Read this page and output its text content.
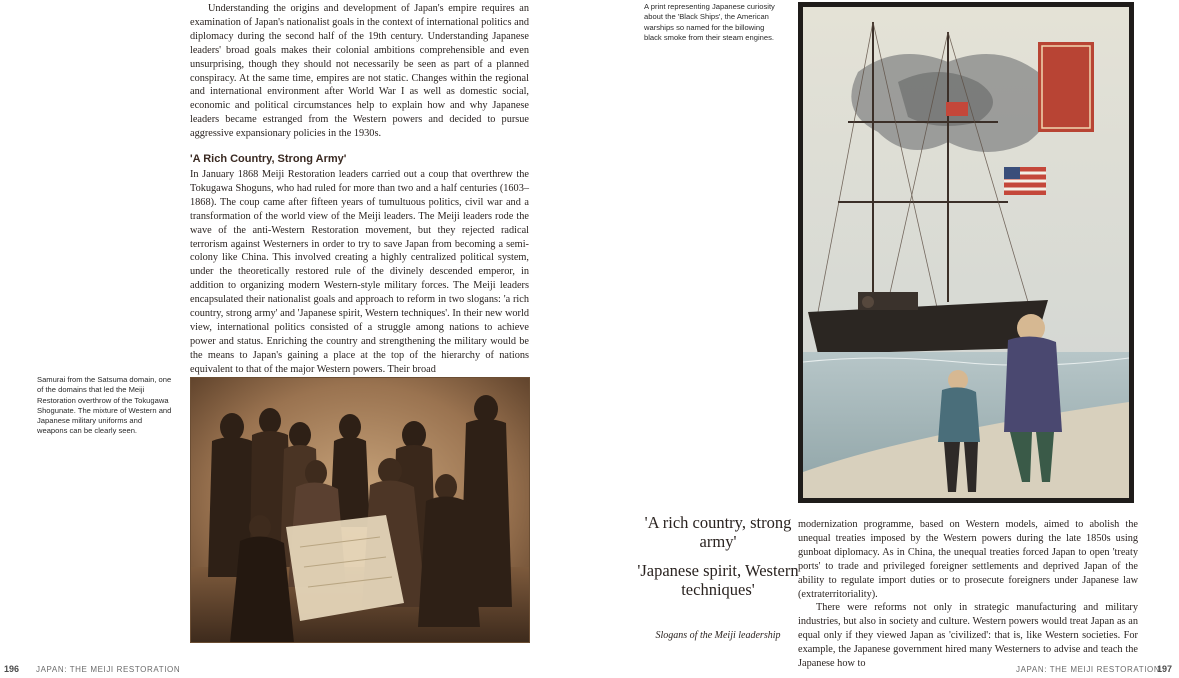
Understanding the origins and development of Japan's empire requires an examination of Japan's nationalist goals in the context of international politics and diplomacy during the second half of the 19th century. Understanding Japanese leaders' broad goals makes their colonial ambitions comprehensible and even unsurprising, though they should not necessarily be seen as part of a planned conspiracy. At the same time, empires are not static. Changes within the regional and international environment after World War I as well as domestic social, economic and political circumstances help to explain how and why Japanese leaders became estranged from the Western powers and decided to pursue aggressive expansionary policies in the 1930s.

'A Rich Country, Strong Army'

In January 1868 Meiji Restoration leaders carried out a coup that overthrew the Tokugawa Shoguns, who had ruled for more than two and a half centuries (1603–1868). The coup came after fifteen years of tumultuous politics, civil war and a transformation of the world view of the Meiji leaders. The Meiji leaders rode the wave of the anti-Western Restoration movement, but they rejected radical terrorism against Westerners in order to try to save Japan from becoming a semi-colony like China. This involved creating a highly centralized political system, under the theoretically restored rule of the divinely descended emperor, in addition to organizing modern Western-style military forces. The Meiji leaders encapsulated their nationalist goals and approach to reform in two slogans: 'a rich country, strong army' and 'Japanese spirit, Western techniques'. In their new world view, international politics consisted of a struggle among nations to achieve power and status. Enriching the country and strengthening the military would be the means to Japan's gaining a place at the top of the hierarchy of nations equivalent to that of the major Western powers. Their broad

Samurai from the Satsuma domain, one of the domains that led the Meiji Restoration overthrow of the Tokugawa Shogunate. The mixture of Western and Japanese military uniforms and weapons can be clearly seen.

196 JAPAN: THE MEIJI RESTORATION

A print representing Japanese curiosity about the 'Black Ships', the American warships so named for the billowing black smoke from their steam engines.

'A rich country, strong army'

'Japanese spirit, Western techniques'

Slogans of the Meiji leadership

modernization programme, based on Western models, aimed to abolish the unequal treaties imposed by the Western powers during the late 1850s using gunboat diplomacy. As in China, the unequal treaties forced Japan to open 'treaty ports' to trade and privileged foreigner settlements and deprived Japan of the ability to regulate import duties or to prosecute foreigners under Japanese law (extraterritoriality).

There were reforms not only in strategic manufacturing and military industries, but also in society and culture. Western powers would treat Japan as an equal only if they viewed Japan as 'civilized': that is, like Western societies. For example, the Japanese government hired many Westerners to advise and teach the Japanese how to

JAPAN: THE MEIJI RESTORATION
197
